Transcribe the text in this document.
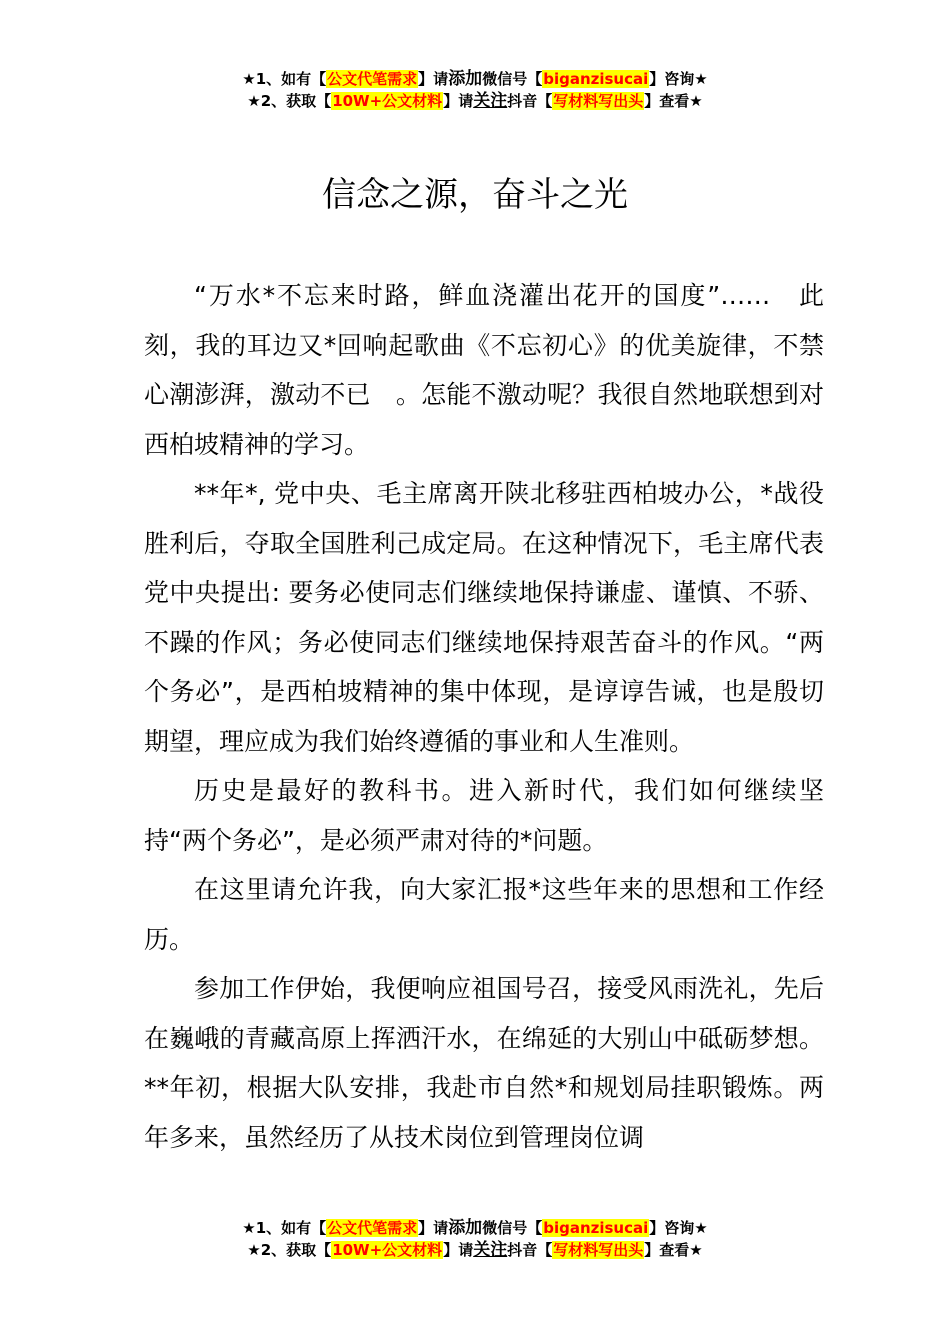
★1、如有【公文代笔需求】请添加微信号【biganzisucai】咨询★
★2、获取【10W+公文材料】请关注抖音【写材料写出头】查看★
信念之源，奋斗之光

“万水*不忘来时路，鲜血浇灌出花开的国度”……　此刻，我的耳边又*回响起歌曲《不忘初心》的优美旋律，不禁心潮澎湃，激动不已　。怎能不激动呢？我很自然地联想到对西柏坡精神的学习。

**年*, 党中央、毛主席离开陕北移驻西柏坡办公，*战役胜利后，夺取全国胜利己成定局。在这种情况下，毛主席代表党中央提出: 要务必使同志们继续地保持谦虚、谨慎、不骄、不躁的作风；务必使同志们继续地保持艰苦奋斗的作风。“两个务必”，是西柏坡精神的集中体现，是谆谆告诫，也是殷切期望，理应成为我们始终遵循的事业和人生准则。

历史是最好的教科书。进入新时代，我们如何继续坚持“两个务必”，是必须严肃对待的*问题。

在这里请允许我，向大家汇报*这些年来的思想和工作经历。

参加工作伊始，我便响应祖国号召，接受风雨洗礼，先后在巍峨的青藏高原上挥洒汗水，在绵延的大别山中砥砺梦想。**年初，根据大队安排，我赴市自然*和规划局挂职锻炼。两年多来，虽然经历了从技术岗位到管理岗位调

★1、如有【公文代笔需求】请添加微信号【biganzisucai】咨询★
★2、获取【10W+公文材料】请关注抖音【写材料写出头】查看★
